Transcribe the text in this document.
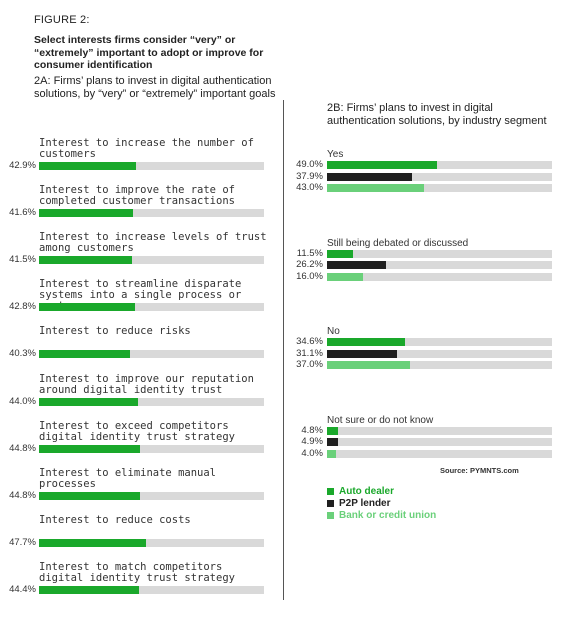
FIGURE 2:
Select interests firms consider “very” or “extremely” important to adopt or improve for consumer identification
2A: Firms’ plans to invest in digital authentication solutions, by “very” or “extremely” important goals
2B: Firms’ plans to invest in digital authentication solutions, by industry segment
Interest to increase the number of customers
42.9%
Interest to improve the rate of completed customer transactions
41.6%
Interest to increase levels of trust among customers
41.5%
Interest to streamline disparate systems into a single process or
42.8%
Interest to reduce risks
40.3%
Interest to improve our reputation around digital identity trust
44.0%
Interest to exceed competitors digital identity trust strategy
44.8%
Interest to eliminate manual processes
44.8%
Interest to reduce costs
47.7%
Interest to match competitors digital identity trust strategy
44.4%
Yes
49.0%
37.9%
43.0%
Still being debated or discussed
11.5%
26.2%
16.0%
No
34.6%
31.1%
37.0%
Not sure or do not know
4.8%
4.9%
4.0%
Source: PYMNTS.com
Auto dealer
P2P lender
Bank or credit union
